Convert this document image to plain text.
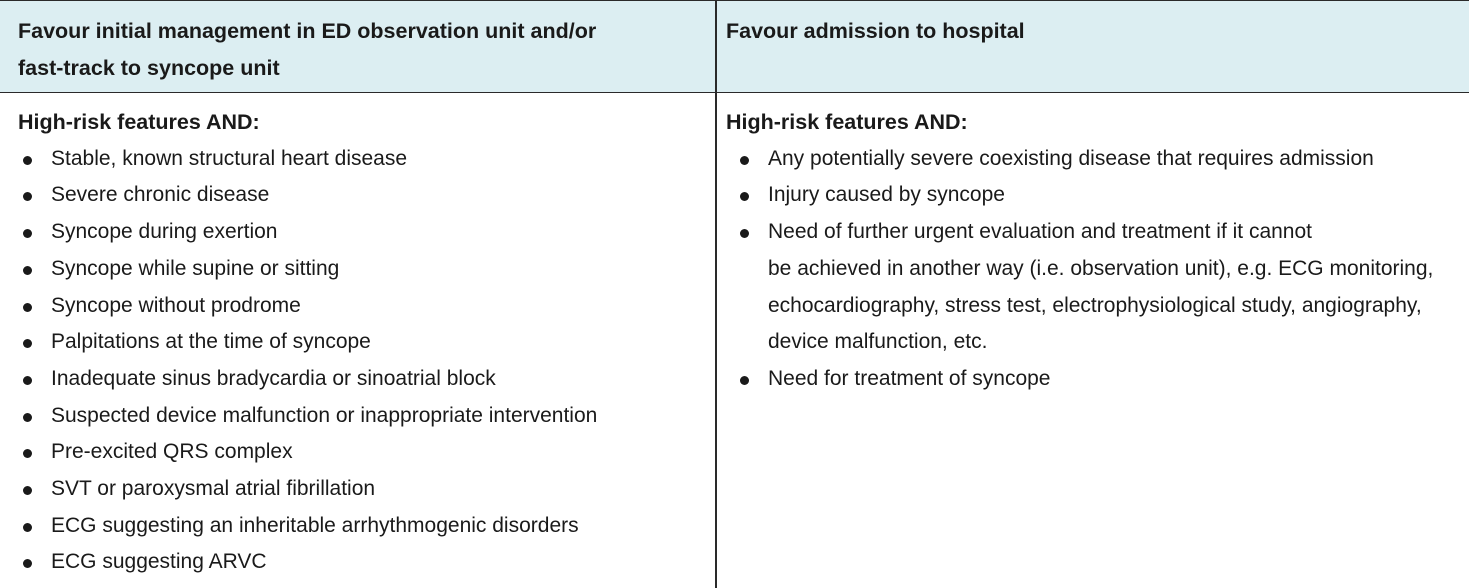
Favour initial management in ED observation unit and/or
fast-track to syncope unit
Favour admission to hospital

High-risk features AND:

Stable, known structural heart disease
Severe chronic disease
Syncope during exertion
Syncope while supine or sitting
Syncope without prodrome
Palpitations at the time of syncope
Inadequate sinus bradycardia or sinoatrial block
Suspected device malfunction or inappropriate intervention
Pre-excited QRS complex
SVT or paroxysmal atrial fibrillation
ECG suggesting an inheritable arrhythmogenic disorders
ECG suggesting ARVC

High-risk features AND:

Any potentially severe coexisting disease that requires admission
Injury caused by syncope
Need of further urgent evaluation and treatment if it cannot
be achieved in another way (i.e. observation unit), e.g. ECG monitoring,
echocardiography, stress test, electrophysiological study, angiography,
device malfunction, etc.
Need for treatment of syncope
